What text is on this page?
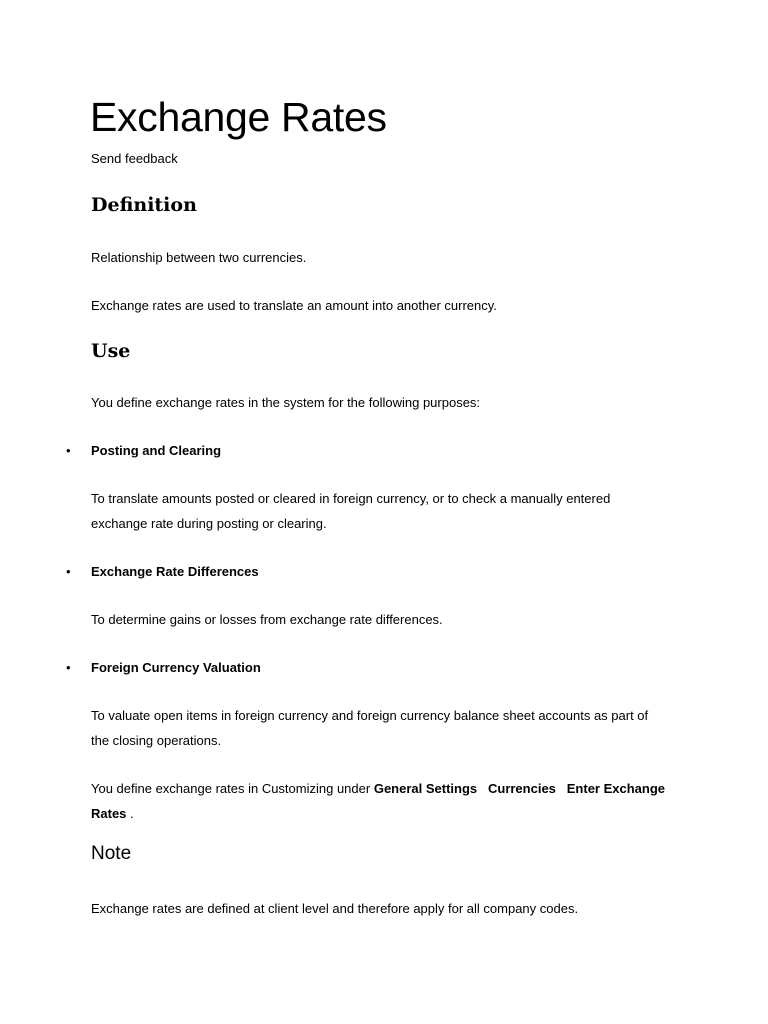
Exchange Rates
Send feedback
Definition

Relationship between two currencies.

Exchange rates are used to translate an amount into another currency.

Use

You define exchange rates in the system for the following purposes:

• Posting and Clearing

To translate amounts posted or cleared in foreign currency, or to check a manually entered exchange rate during posting or clearing.

• Exchange Rate Differences

To determine gains or losses from exchange rate differences.

• Foreign Currency Valuation

To valuate open items in foreign currency and foreign currency balance sheet accounts as part of the closing operations.

You define exchange rates in Customizing under General Settings Currencies Enter Exchange Rates .

Note

Exchange rates are defined at client level and therefore apply for all company codes.
